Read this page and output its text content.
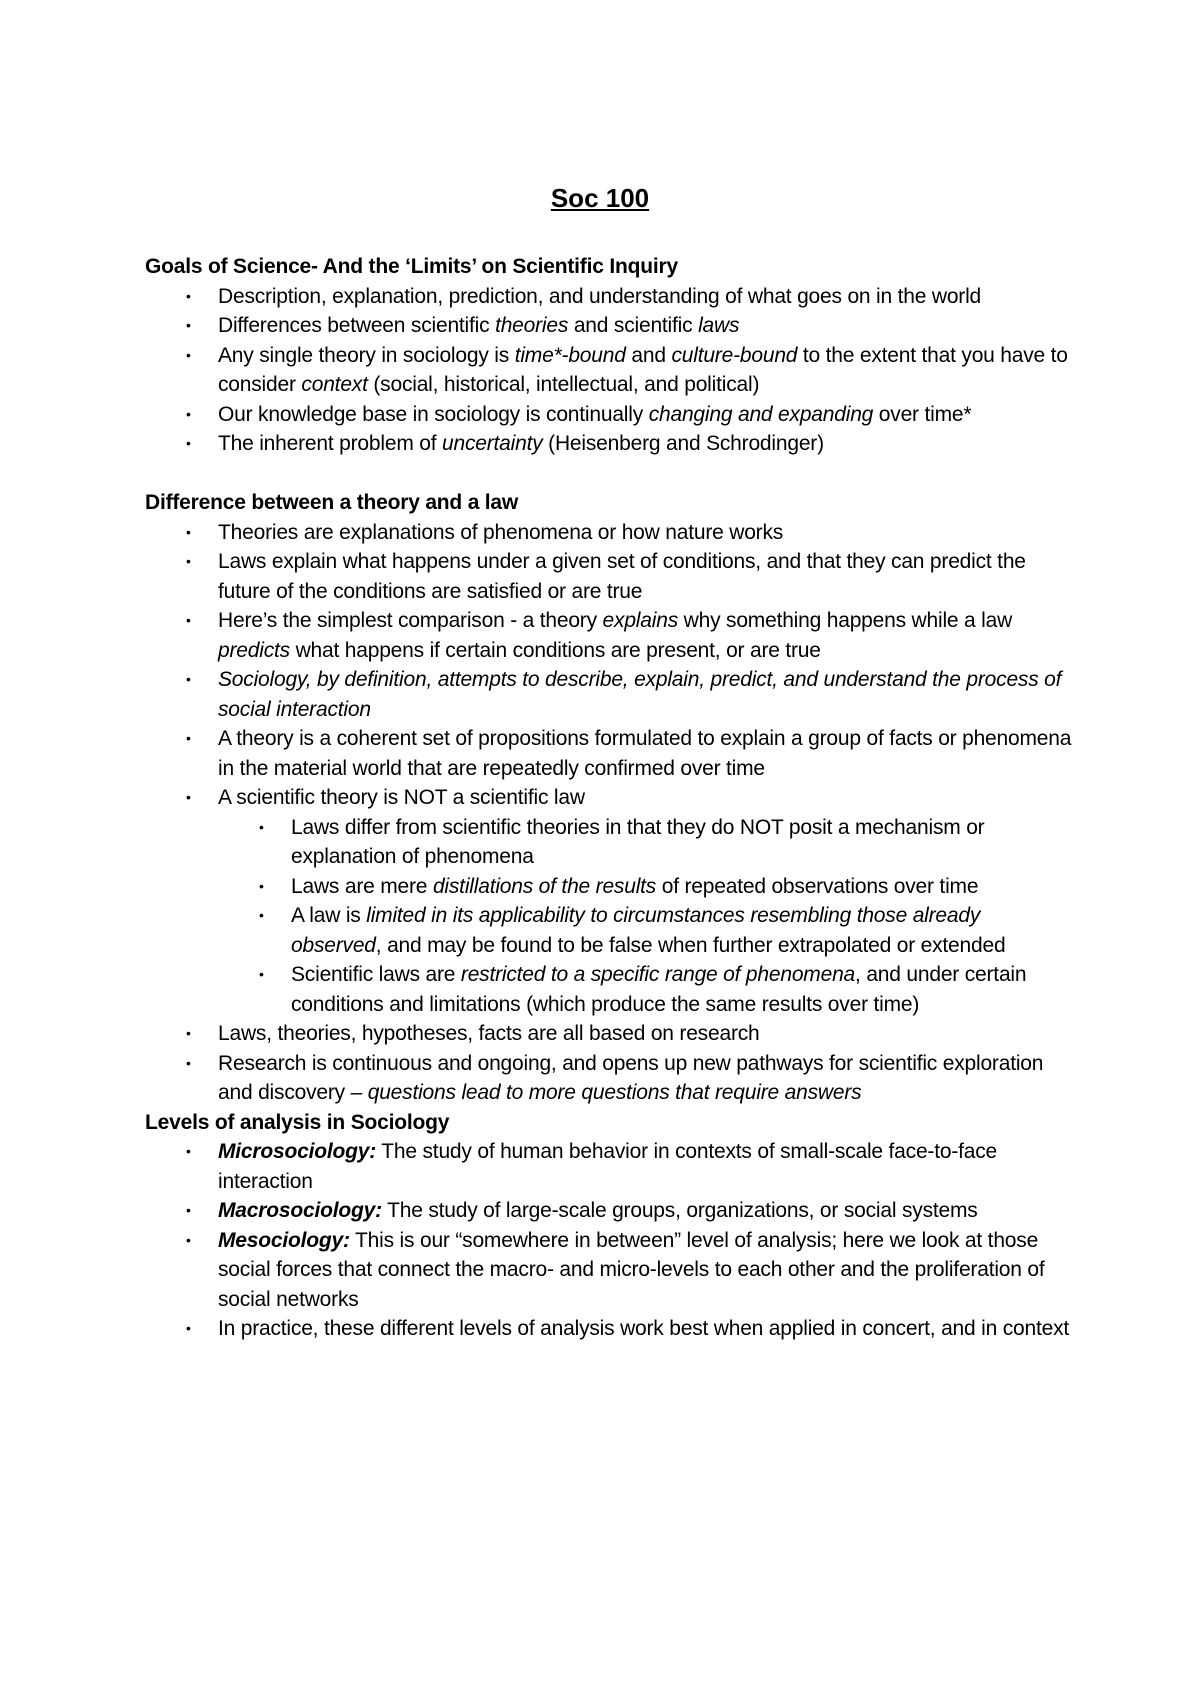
Soc 100

Goals of Science- And the ‘Limits’ on Scientific Inquiry

• Description, explanation, prediction, and understanding of what goes on in the world
• Differences between scientific theories and scientific laws
• Any single theory in sociology is time*-bound and culture-bound to the extent that you have to consider context (social, historical, intellectual, and political)
• Our knowledge base in sociology is continually changing and expanding over time*
• The inherent problem of uncertainty (Heisenberg and Schrodinger)

Difference between a theory and a law

• Theories are explanations of phenomena or how nature works
• Laws explain what happens under a given set of conditions, and that they can predict the future of the conditions are satisfied or are true
• Here’s the simplest comparison - a theory explains why something happens while a law predicts what happens if certain conditions are present, or are true
• Sociology, by definition, attempts to describe, explain, predict, and understand the process of social interaction
• A theory is a coherent set of propositions formulated to explain a group of facts or phenomena in the material world that are repeatedly confirmed over time
• A scientific theory is NOT a scientific law
• Laws differ from scientific theories in that they do NOT posit a mechanism or explanation of phenomena
• Laws are mere distillations of the results of repeated observations over time
• A law is limited in its applicability to circumstances resembling those already observed, and may be found to be false when further extrapolated or extended
• Scientific laws are restricted to a specific range of phenomena, and under certain conditions and limitations (which produce the same results over time)
• Laws, theories, hypotheses, facts are all based on research
• Research is continuous and ongoing, and opens up new pathways for scientific exploration and discovery – questions lead to more questions that require answers

Levels of analysis in Sociology

• Microsociology: The study of human behavior in contexts of small-scale face-to-face interaction
• Macrosociology: The study of large-scale groups, organizations, or social systems
• Mesociology: This is our “somewhere in between” level of analysis; here we look at those social forces that connect the macro- and micro-levels to each other and the proliferation of social networks
• In practice, these different levels of analysis work best when applied in concert, and in context
